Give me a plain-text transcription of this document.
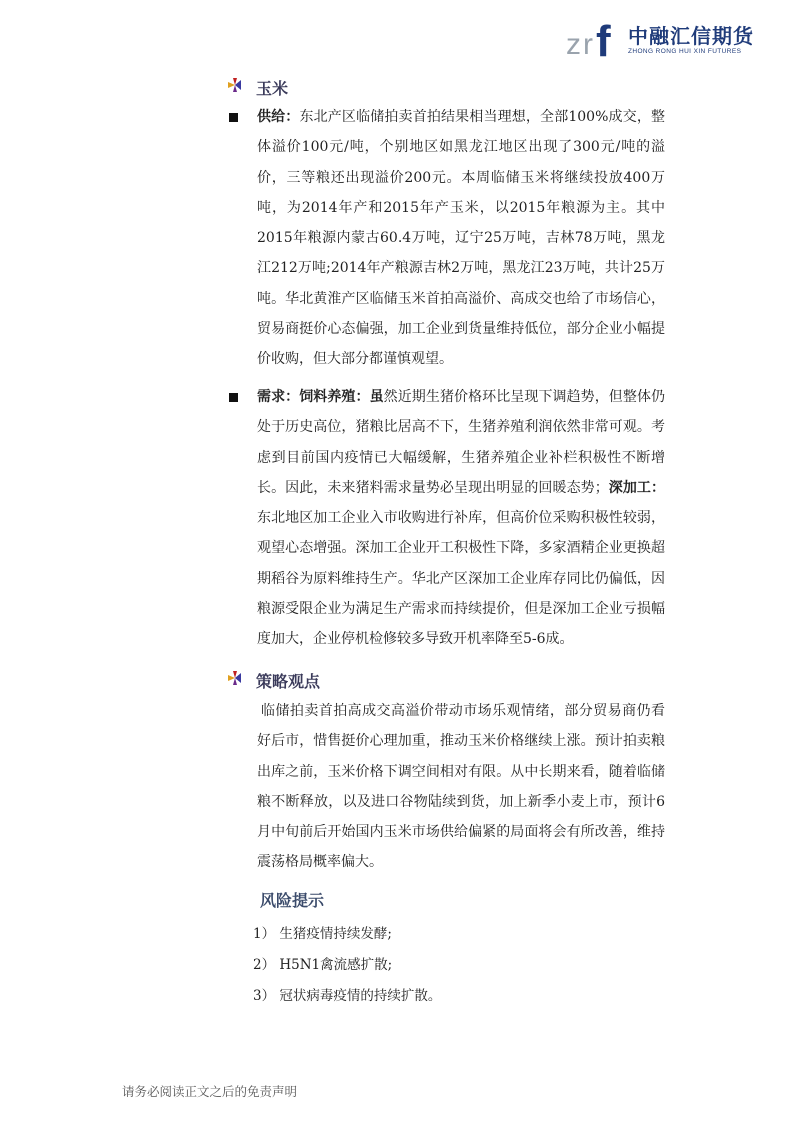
z r f 中融汇信期货
ZHONG RONG HUI XIN FUTURES
玉米
供给：东北产区临储拍卖首拍结果相当理想，全部100%成交，整体溢价100元/吨，个别地区如黑龙江地区出现了300元/吨的溢价，三等粮还出现溢价200元。本周临储玉米将继续投放400万吨，为2014年产和2015年产玉米，以2015年粮源为主。其中2015年粮源内蒙古60.4万吨，辽宁25万吨，吉林78万吨，黑龙江212万吨;2014年产粮源吉林2万吨，黑龙江23万吨，共计25万吨。华北黄淮产区临储玉米首拍高溢价、高成交也给了市场信心，贸易商挺价心态偏强，加工企业到货量维持低位，部分企业小幅提价收购，但大部分都谨慎观望。
需求：饲料养殖：虽然近期生猪价格环比呈现下调趋势，但整体仍处于历史高位，猪粮比居高不下，生猪养殖利润依然非常可观。考虑到目前国内疫情已大幅缓解，生猪养殖企业补栏积极性不断增长。因此，未来猪料需求量势必呈现出明显的回暖态势；深加工：东北地区加工企业入市收购进行补库，但高价位采购积极性较弱，观望心态增强。深加工企业开工积极性下降，多家酒精企业更换超期稻谷为原料维持生产。华北产区深加工企业库存同比仍偏低，因粮源受限企业为满足生产需求而持续提价，但是深加工企业亏损幅度加大，企业停机检修较多导致开机率降至5-6成。
策略观点
临储拍卖首拍高成交高溢价带动市场乐观情绪，部分贸易商仍看好后市，惜售挺价心理加重，推动玉米价格继续上涨。预计拍卖粮出库之前，玉米价格下调空间相对有限。从中长期来看，随着临储粮不断释放，以及进口谷物陆续到货，加上新季小麦上市，预计6月中旬前后开始国内玉米市场供给偏紧的局面将会有所改善，维持震荡格局概率偏大。
风险提示
1） 生猪疫情持续发酵;
2） H5N1禽流感扩散;
3） 冠状病毒疫情的持续扩散。
请务必阅读正文之后的免责声明
